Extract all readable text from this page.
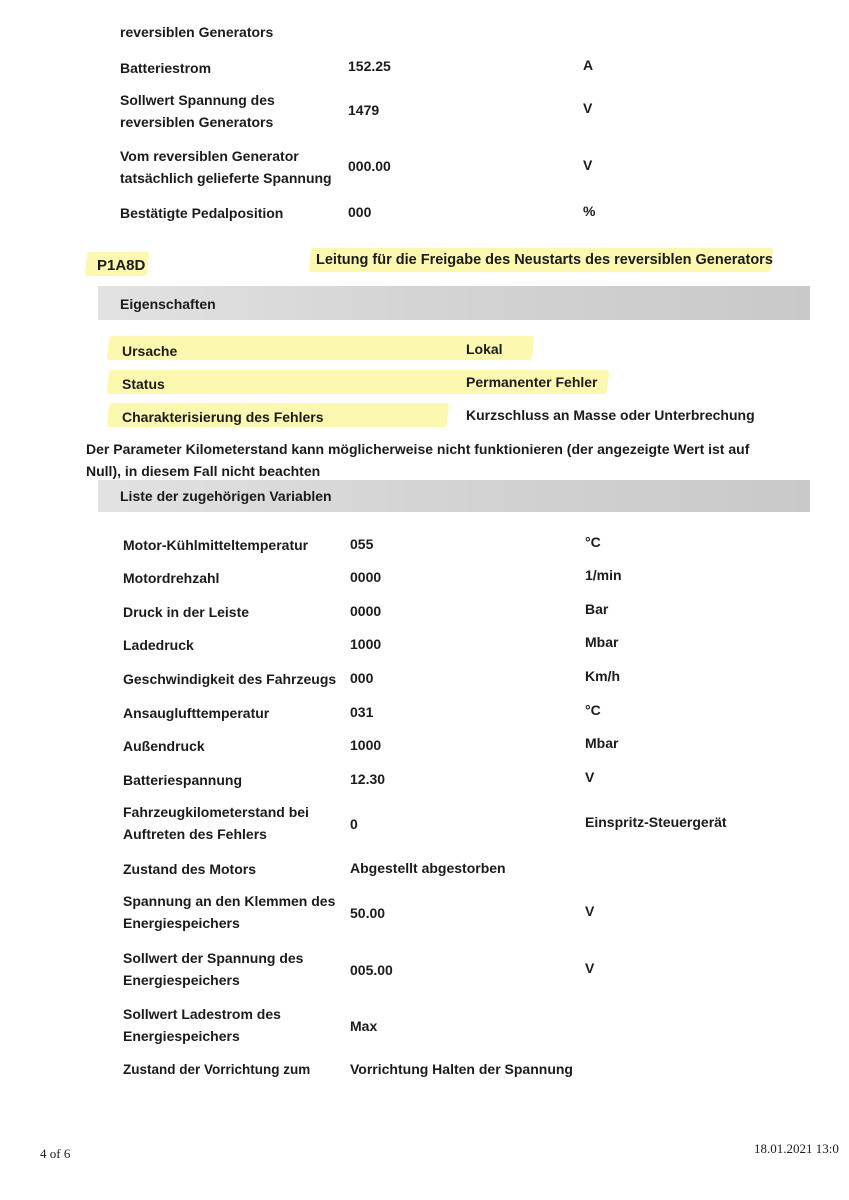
reversiblen Generators
Batteriestrom	152.25	A
Sollwert Spannung des reversiblen Generators
1479	V
Vom reversiblen Generator tatsächlich gelieferte Spannung
000.00	V
Bestätigte Pedalposition	000	%
P1A8D	Leitung für die Freigabe des Neustarts des reversiblen Generators
Eigenschaften
Ursache	Lokal
Status	Permanenter Fehler
Charakterisierung des Fehlers	Kurzschluss an Masse oder Unterbrechung
Der Parameter Kilometerstand kann möglicherweise nicht funktionieren (der angezeigte Wert ist auf Null), in diesem Fall nicht beachten
Liste der zugehörigen Variablen
Motor-Kühlmitteltemperatur	055	°C
Motordrehzahl	0000	1/min
Druck in der Leiste	0000	Bar
Ladedruck	1000	Mbar
Geschwindigkeit des Fahrzeugs 000	Km/h
Ansauglufttemperatur	031	°C
Außendruck	1000	Mbar
Batteriespannung	12.30	V
Fahrzeugkilometerstand bei Auftreten des Fehlers
0	Einspritz-Steuergerät
Zustand des Motors	Abgestellt abgestorben
Spannung an den Klemmen des Energiespeichers
50.00	V
Sollwert der Spannung des Energiespeichers
005.00	V
Sollwert Ladestrom des Energiespeichers
Max
Zustand der Vorrichtung zum	Vorrichtung Halten der Spannung
4 of 6	18.01.2021 13:0
